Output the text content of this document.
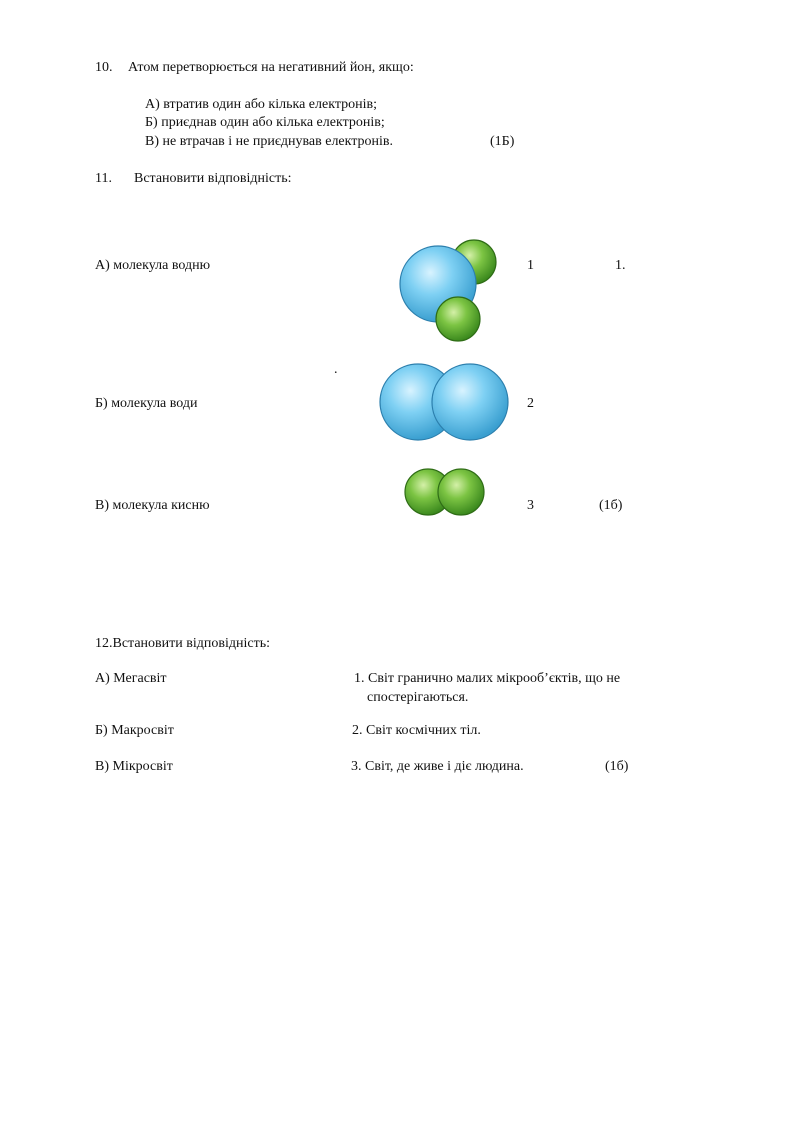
10. Атом перетворюється на негативний йон, якщо:
А) втратив один або кілька електронів;
Б) приєднав один або кілька електронів;
В) не втрачав і не приєднував електронів.	(1Б)
11. Встановити відповідність:
А) молекула водню	1	1.
.
Б) молекула води	2
В) молекула кисню	3	(1б)
12.Встановити відповідність:
А) Мегасвіт	1. Світ гранично малих мікрооб’єктів, що не
спостерігаються.
Б) Макросвіт	2. Світ космічних тіл.
В) Мікросвіт	3. Світ, де живе і діє людина.	(1б)
